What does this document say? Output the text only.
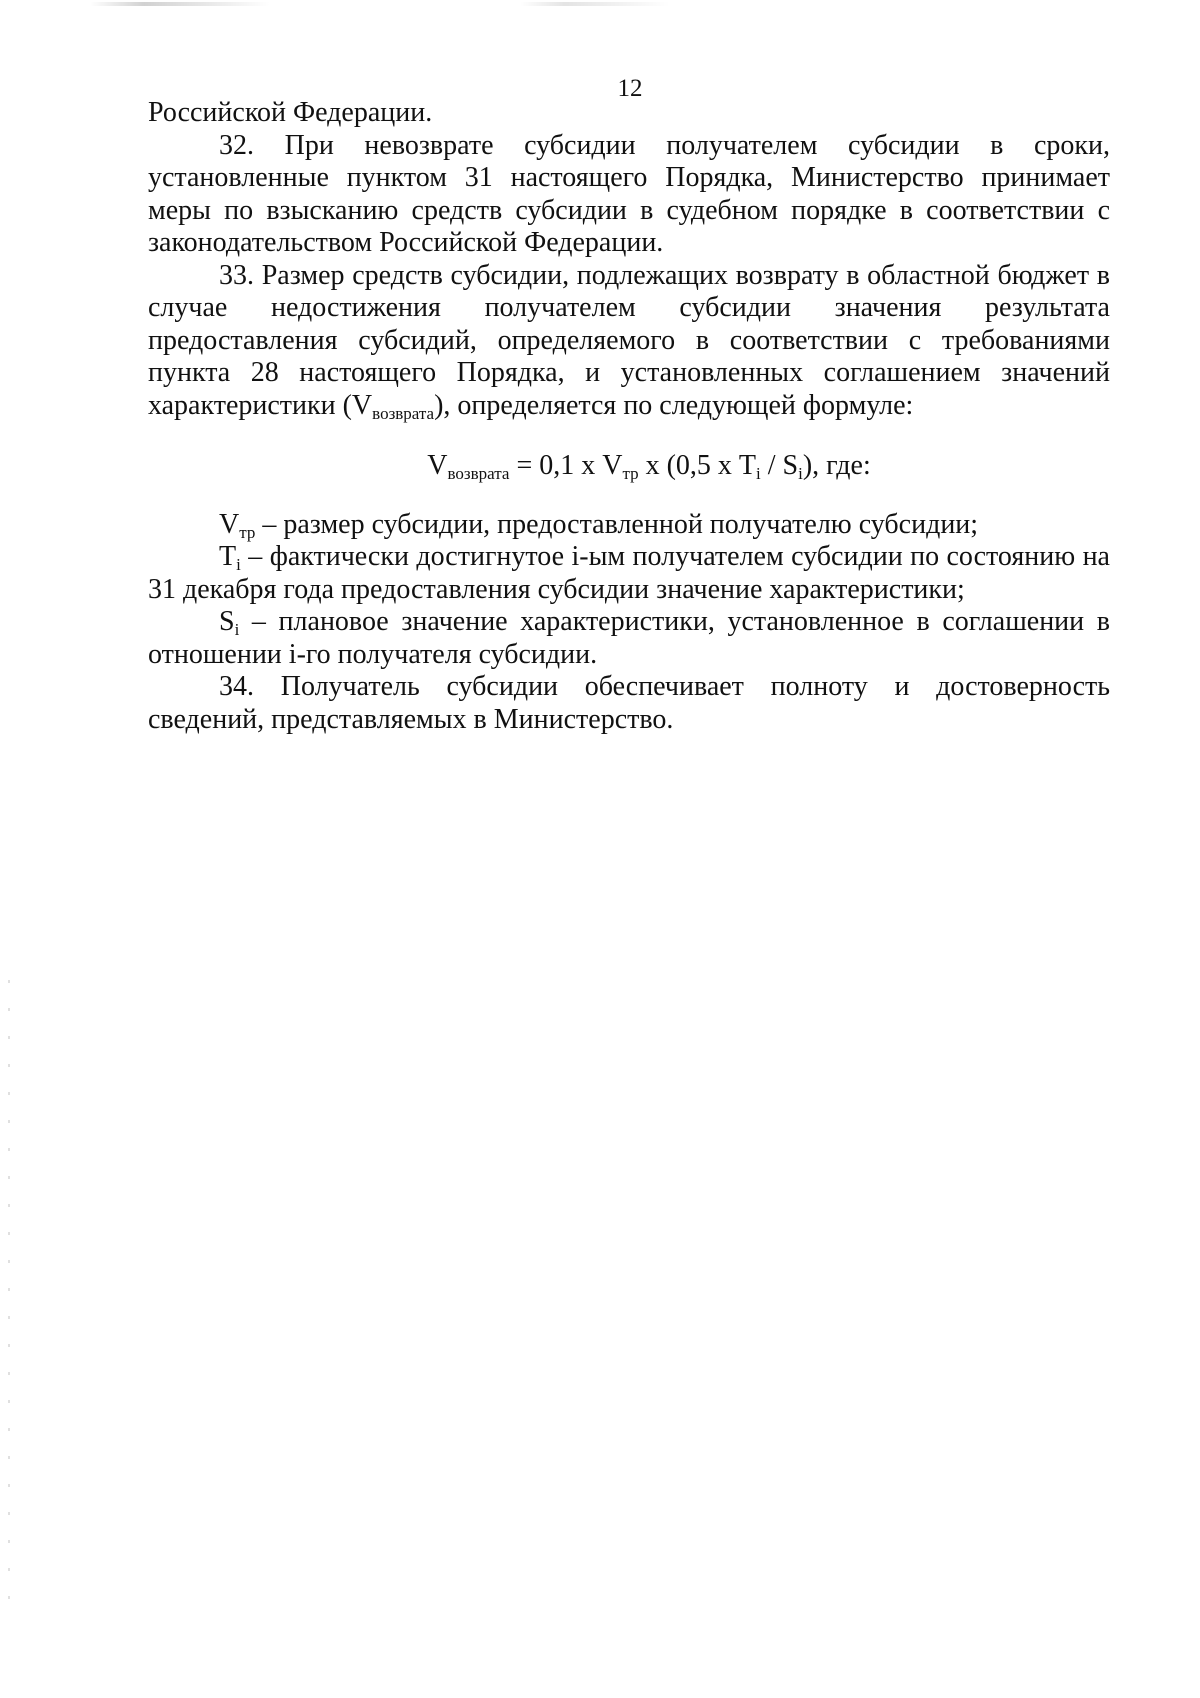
12

Российской Федерации.

32. При невозврате субсидии получателем субсидии в сроки, установленные пунктом 31 настоящего Порядка, Министерство принимает меры по взысканию средств субсидии в судебном порядке в соответствии с законодательством Российской Федерации.

33. Размер средств субсидии, подлежащих возврату в областной бюджет в случае недостижения получателем субсидии значения результата предоставления субсидий, определяемого в соответствии с требованиями пункта 28 настоящего Порядка, и установленных соглашением значений характеристики $(V_{возврата})$, определяется по следующей формуле:

$V_{возврата} = 0,1$ х $V_{тр}$ х (0,5 х $T_i / S_i$), где:

$V_{тр}$ – размер субсидии, предоставленной получателю субсидии;

$T_i$ – фактически достигнутое i-ым получателем субсидии по состоянию на 31 декабря года предоставления субсидии значение характеристики;

$S_i$ – плановое значение характеристики, установленное в соглашении в отношении i-го получателя субсидии.

34. Получатель субсидии обеспечивает полноту и достоверность сведений, представляемых в Министерство.
